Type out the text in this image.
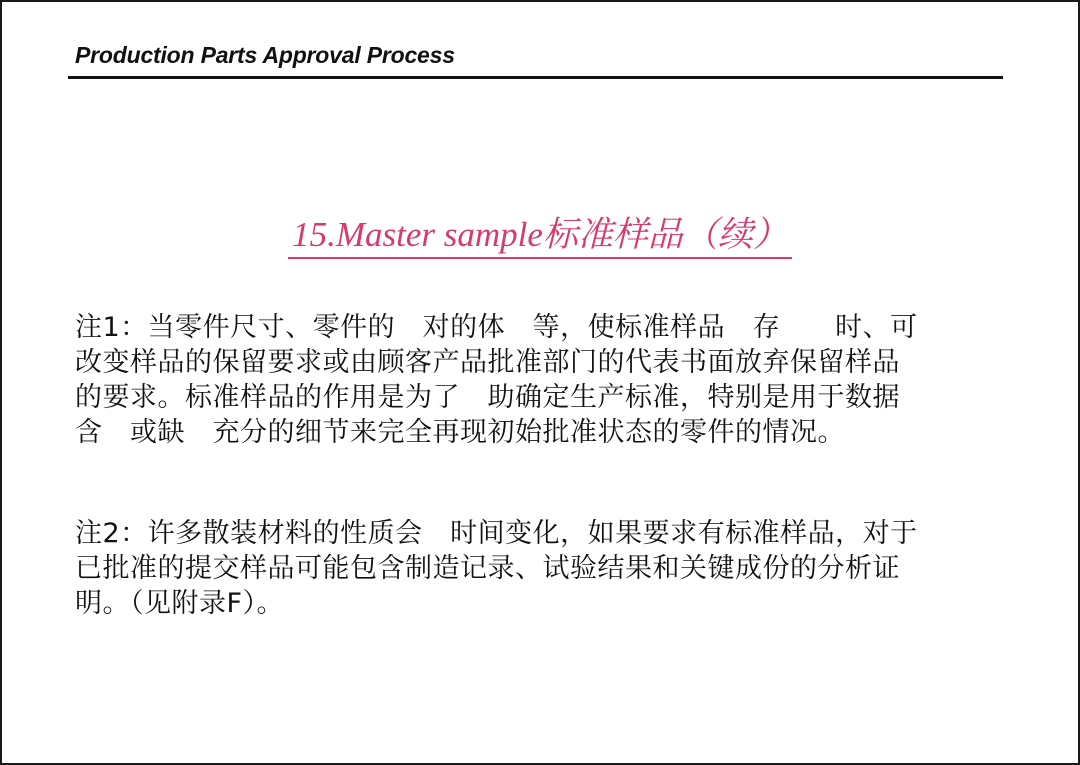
Production Parts Approval Process
15.Master sample标准样品（续）
注1：当零件尺寸、零件的　对的体　等，使标准样品　存　　时、可
改变样品的保留要求或由顾客产品批准部门的代表书面放弃保留样品
的要求。标准样品的作用是为了　助确定生产标准，特别是用于数据
含　或缺　充分的细节来完全再现初始批准状态的零件的情况。
注2：许多散装材料的性质会　时间变化，如果要求有标准样品，对于
已批准的提交样品可能包含制造记录、试验结果和关键成份的分析证
明。（见附录F）。
